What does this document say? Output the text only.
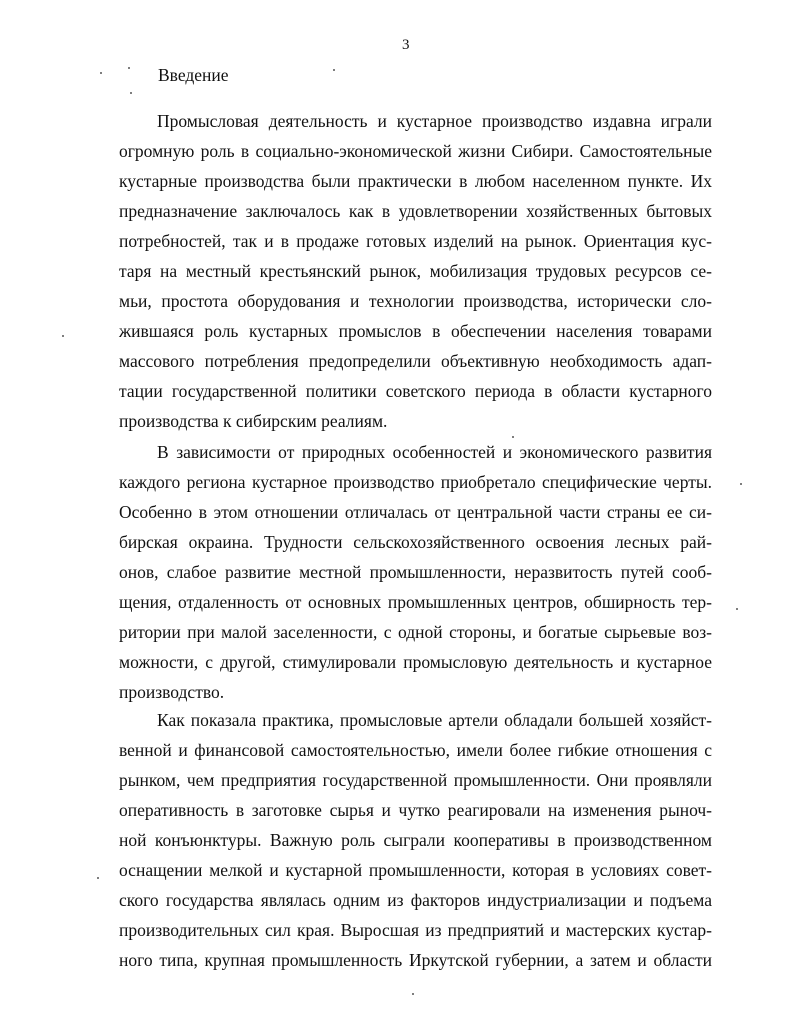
3
Введение
Промысловая деятельность и кустарное производство издавна играли
огромную роль в социально-экономической жизни Сибири. Самостоятельные
кустарные производства были практически в любом населенном пункте. Их
предназначение заключалось как в удовлетворении хозяйственных бытовых
потребностей, так и в продаже готовых изделий на рынок. Ориентация кус-
таря на местный крестьянский рынок, мобилизация трудовых ресурсов се-
мьи, простота оборудования и технологии производства, исторически сло-
жившаяся роль кустарных промыслов в обеспечении населения товарами
массового потребления предопределили объективную необходимость адап-
тации государственной политики советского периода в области кустарного
производства к сибирским реалиям.
В зависимости от природных особенностей и экономического развития
каждого региона кустарное производство приобретало специфические черты.
Особенно в этом отношении отличалась от центральной части страны ее си-
бирская окраина. Трудности сельскохозяйственного освоения лесных рай-
онов, слабое развитие местной промышленности, неразвитость путей сооб-
щения, отдаленность от основных промышленных центров, обширность тер-
ритории при малой заселенности, с одной стороны, и богатые сырьевые воз-
можности, с другой, стимулировали промысловую деятельность и кустарное
производство.
Как показала практика, промысловые артели обладали большей хозяйст-
венной и финансовой самостоятельностью, имели более гибкие отношения с
рынком, чем предприятия государственной промышленности. Они проявляли
оперативность в заготовке сырья и чутко реагировали на изменения рыноч-
ной конъюнктуры. Важную роль сыграли кооперативы в производственном
оснащении мелкой и кустарной промышленности, которая в условиях совет-
ского государства являлась одним из факторов индустриализации и подъема
производительных сил края. Выросшая из предприятий и мастерских кустар-
ного типа, крупная промышленность Иркутской губернии, а затем и области
